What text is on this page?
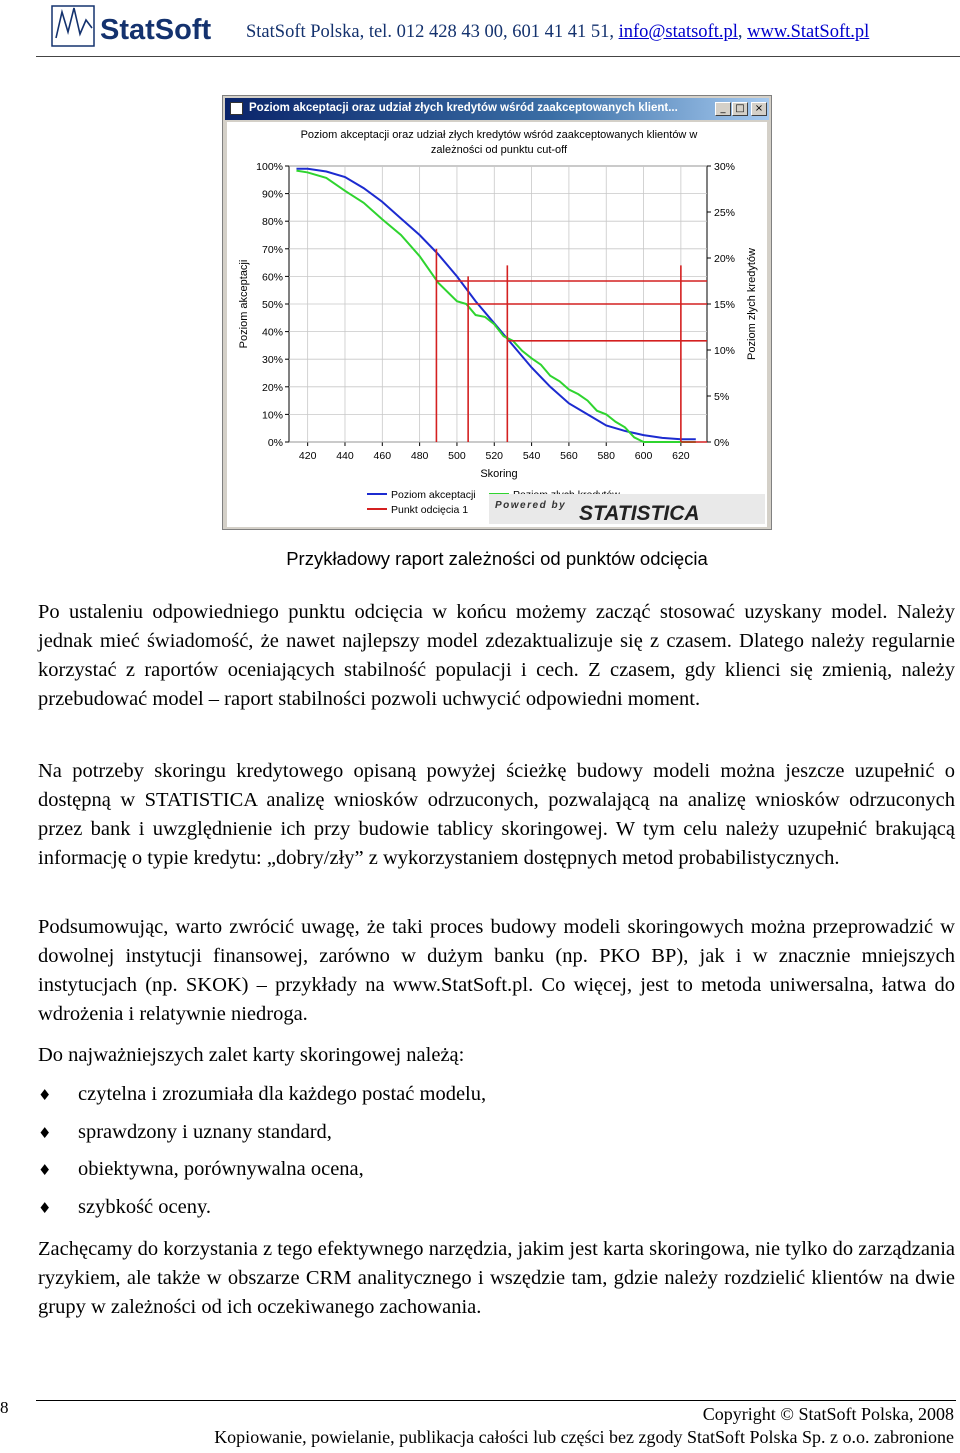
StatSoft StatSoft Polska, tel. 012 428 43 00, 601 41 41 51, info@statsoft.pl, www.StatSoft.pl
Poziom akceptacji oraz udział złych kredytów wśród zaakceptowanych klient...	_ □	×
Poziom akceptacji oraz udział złych kredytów wśród zaakceptowanych klientów w
zależności od punktu cut-off
420 440 460 480 500 520 540 560 580 600 620
0%
10%
20%
30%
40%
50%
60%
70%
80%
90%
100%
0%
5%
10%
15%
20%
25%
30%
Skoring
Poziom akceptacji	Poziom złych kredytów
Poziom akceptacji
Punkt odcięcia 1	Powered by STATISTICA
Przykładowy raport zależności od punktów odcięcia
Po ustaleniu odpowiedniego punktu odcięcia w końcu możemy zacząć stosować uzyskany model. Należy jednak mieć świadomość, że nawet najlepszy model zdezaktualizuje się z czasem. Dlatego należy regularnie korzystać z raportów oceniających stabilność populacji i cech. Z czasem, gdy klienci się zmienią, należy przebudować model – raport stabilności pozwoli uchwycić odpowiedni moment.
Na potrzeby skoringu kredytowego opisaną powyżej ścieżkę budowy modeli można jeszcze uzupełnić o dostępną w STATISTICA analizę wniosków odrzuconych, pozwalającą na analizę wniosków odrzuconych przez bank i uwzględnienie ich przy budowie tablicy skoringowej. W tym celu należy uzupełnić brakującą informację o typie kredytu: „dobry/zły” z wykorzystaniem dostępnych metod probabilistycznych.
Podsumowując, warto zwrócić uwagę, że taki proces budowy modeli skoringowych można przeprowadzić w dowolnej instytucji finansowej, zarówno w dużym banku (np. PKO BP), jak i w znacznie mniejszych instytucjach (np. SKOK) – przykłady na www.StatSoft.pl. Co więcej, jest to metoda uniwersalna, łatwa do wdrożenia i relatywnie niedroga.
Do najważniejszych zalet karty skoringowej należą:
♦ czytelna i zrozumiała dla każdego postać modelu,
♦ sprawdzony i uznany standard,
♦ obiektywna, porównywalna ocena,
♦ szybkość oceny.
Zachęcamy do korzystania z tego efektywnego narzędzia, jakim jest karta skoringowa, nie tylko do zarządzania ryzykiem, ale także w obszarze CRM analitycznego i wszędzie tam, gdzie należy rozdzielić klientów na dwie grupy w zależności od ich oczekiwanego zachowania.
8	Copyright © StatSoft Polska, 2008
Kopiowanie, powielanie, publikacja całości lub części bez zgody StatSoft Polska Sp. z o.o. zabronione
